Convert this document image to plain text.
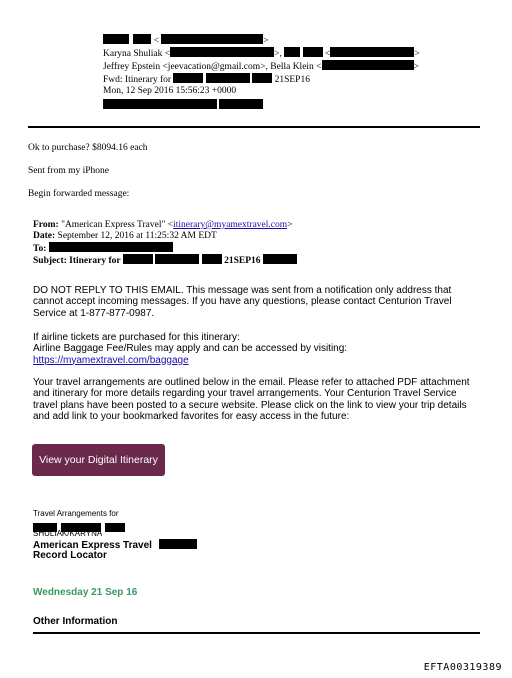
<	>
Karyna Shuliak <	>,	<	>
Jeffrey Epstein <jeevacation@gmail.com>, Bella Klein <	>
Fwd: Itinerary for	21SEP16
Mon, 12 Sep 2016 15:56:23 +0000

Ok to purchase? $8094.16 each
Sent from my iPhone
Begin forwarded message:
From: "American Express Travel" <itinerary@myamextravel.com>
Date: September 12, 2016 at 11:25:32 AM EDT
To:
Subject: Itinerary for	21SEP16
DO NOT REPLY TO THIS EMAIL. This message was sent from a notification only address that cannot accept incoming messages. If you have any questions, please contact Centurion Travel Service at 1-877-877-0987.
If airline tickets are purchased for this itinerary:
Airline Baggage Fee/Rules may apply and can be accessed by visiting:
https://myamextravel.com/baggage
Your travel arrangements are outlined below in the email. Please refer to attached PDF attachment and itinerary for more details regarding your travel arrangements. Your Centurion Travel Service travel plans have been posted to a secure website. Please click on the link to view your trip details and add link to your bookmarked favorites for easy access in the future:
View your Digital Itinerary
Travel Arrangements for

SHULIAK/KARYNA
American Express Travel
Record Locator
Wednesday 21 Sep 16
Other Information
EFTA00319389
